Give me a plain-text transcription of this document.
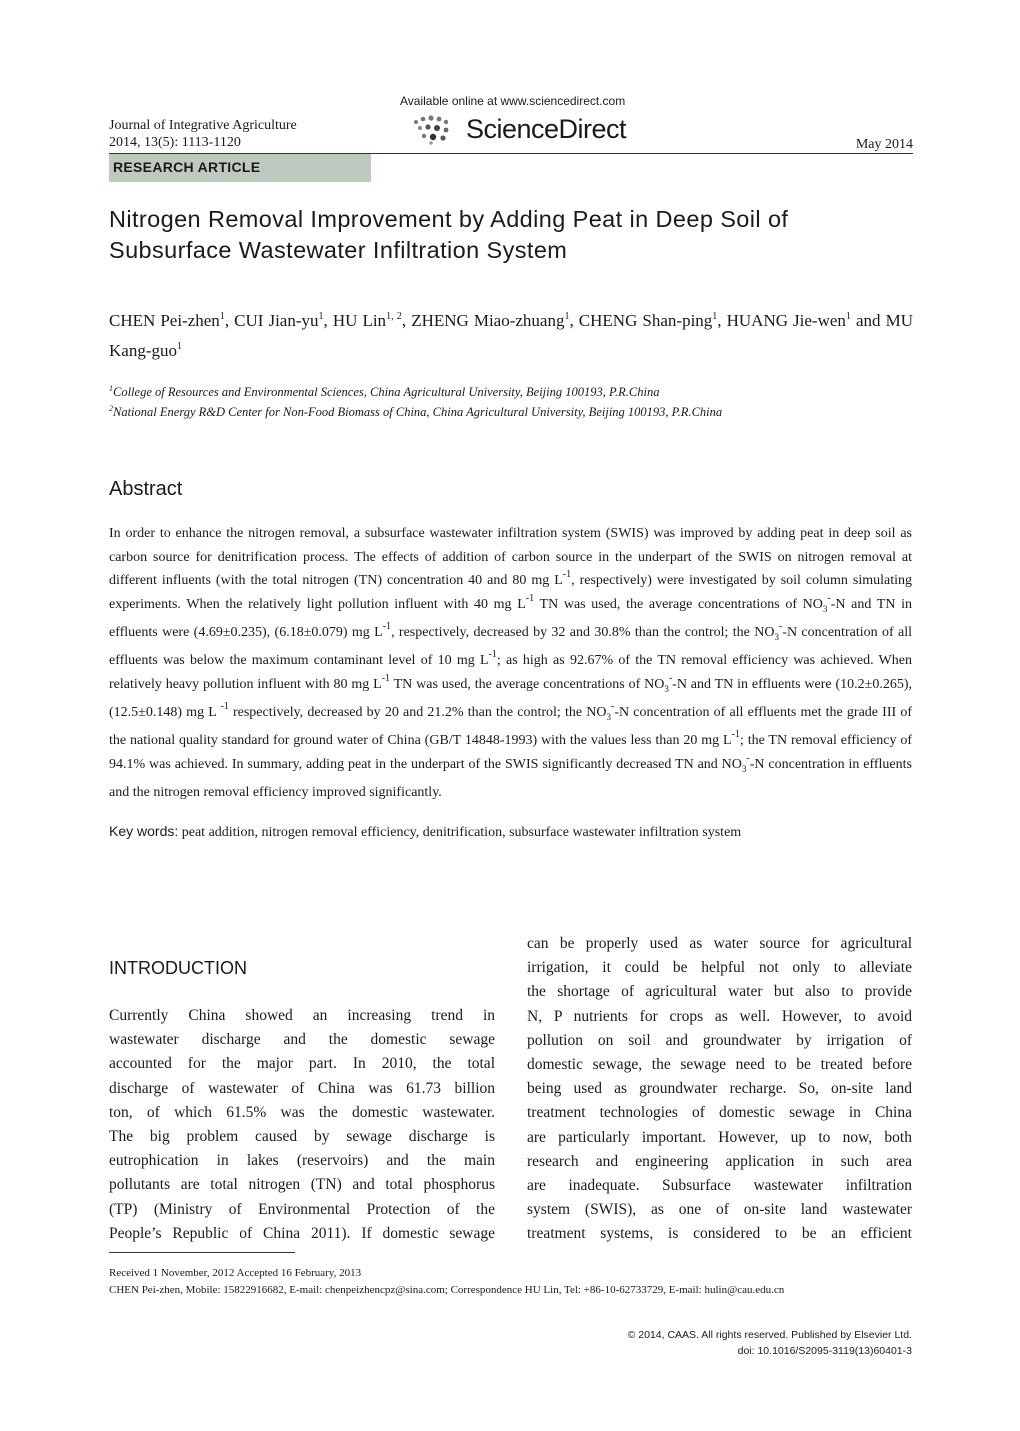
Available online at www.sciencedirect.com
ScienceDirect
Journal of Integrative Agriculture
2014, 13(5): 1113-1120	May 2014
RESEARCH ARTICLE
Nitrogen Removal Improvement by Adding Peat in Deep Soil of Subsurface Wastewater Infiltration System
CHEN Pei-zhen$^1$, CUI Jian-$yu^1$, HU Lin$^{1, 2}$, ZHENG Miao-zhuang$^1$, CHENG Shan-ping$^1$, HUANG Jie-wen$^1$ and MU Kang-guo$^1$
$^1$College of Resources and Environmental Sciences, China Agricultural University, Beijing 100193, P.R.China
$^2$National Energy R&D Center for Non-Food Biomass of China, China Agricultural University, Beijing 100193, P.R.China
Abstract
In order to enhance the nitrogen removal, a subsurface wastewater infiltration system (SWIS) was improved by adding peat in deep soil as carbon source for denitrification process. The effects of addition of carbon source in the underpart of the SWIS on nitrogen removal at different influents (with the total nitrogen (TN) concentration 40 and 80 mg $L^{-1}$, respectively) were investigated by soil column simulating experiments. When the relatively light pollution influent with 40 mg $L^{-1}$ TN was used, the average concentrations of $NO_3^--N$ and TN in effluents were (4.69±0.235), (6.18±0.079) mg $L^{-1}$, respectively, decreased by 32 and 30.8% than the control; the $NO_3^--N$ concentration of all effluents was below the maximum contaminant level of 10 mg $L^{-1}$; as high as 92.67% of the TN removal efficiency was achieved. When relatively heavy pollution influent with 80 mg $L^{-1}$ TN was used, the average concentrations of $NO_3^--N$ and TN in effluents were (10.2±0.265), (12.5±0.148) mg L $^{-1}$ respectively, decreased by 20 and 21.2% than the control; the $NO_3^--N$ concentration of all effluents met the grade III of the national quality standard for ground water of China (GB/T 14848-1993) with the values less than 20 mg $L^{-1}$; the TN removal efficiency of 94.1% was achieved. In summary, adding peat in the underpart of the SWIS significantly decreased TN and $NO_3^--N$ concentration in effluents and the nitrogen removal efficiency improved significantly.
Key words: peat addition, nitrogen removal efficiency, denitrification, subsurface wastewater infiltration system
INTRODUCTION
Currently China showed an increasing trend in
wastewater discharge and the domestic sewage
accounted for the major part. In 2010, the total
discharge of wastewater of China was 61.73 billion
ton, of which 61.5% was the domestic wastewater.
The big problem caused by sewage discharge is
eutrophication in lakes (reservoirs) and the main
pollutants are total nitrogen (TN) and total phosphorus
(TP) (Ministry of Environmental Protection of the
People’s Republic of China 2011). If domestic sewage
can be properly used as water source for agricultural
irrigation, it could be helpful not only to alleviate
the shortage of agricultural water but also to provide
N, P nutrients for crops as well. However, to avoid
pollution on soil and groundwater by irrigation of
domestic sewage, the sewage need to be treated before
being used as groundwater recharge. So, on-site land
treatment technologies of domestic sewage in China
are particularly important. However, up to now, both
research and engineering application in such area
are inadequate. Subsurface wastewater infiltration
system (SWIS), as one of on-site land wastewater
treatment systems, is considered to be an efficient
Received 1 November, 2012 Accepted 16 February, 2013
CHEN Pei-zhen, Mobile: 15822916682, E-mail: chenpeizhencpz@sina.com; Correspondence HU Lin, Tel: +86-10-62733729, E-mail: hulin@cau.edu.cn
© 2014, CAAS. All rights reserved. Published by Elsevier Ltd.
doi: 10.1016/S2095-3119(13)60401-3
